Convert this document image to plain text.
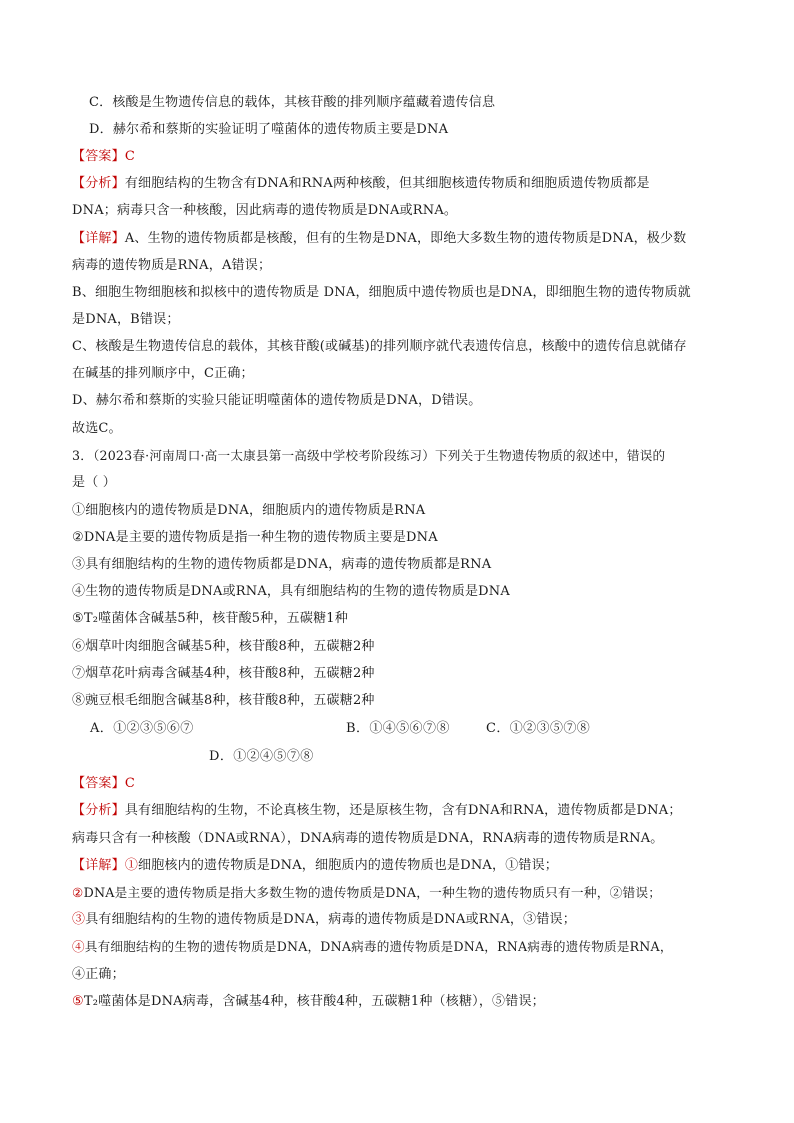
C．核酸是生物遗传信息的载体，其核苷酸的排列顺序蕴藏着遗传信息
D．赫尔希和蔡斯的实验证明了噬菌体的遗传物质主要是DNA
【答案】C
【分析】有细胞结构的生物含有DNA和RNA两种核酸，但其细胞核遗传物质和细胞质遗传物质都是
DNA；病毒只含一种核酸，因此病毒的遗传物质是DNA或RNA。
【详解】A、生物的遗传物质都是核酸，但有的生物是DNA，即绝大多数生物的遗传物质是DNA，极少数
病毒的遗传物质是RNA，A错误；
B、细胞生物细胞核和拟核中的遗传物质是 DNA，细胞质中遗传物质也是DNA，即细胞生物的遗传物质就
是DNA，B错误；
C、核酸是生物遗传信息的载体，其核苷酸(或碱基)的排列顺序就代表遗传信息，核酸中的遗传信息就储存
在碱基的排列顺序中，C正确；
D、赫尔希和蔡斯的实验只能证明噬菌体的遗传物质是DNA，D错误。
故选C。
3．（2023春·河南周口·高一太康县第一高级中学校考阶段练习）下列关于生物遗传物质的叙述中，错误的
是（ ）
①细胞核内的遗传物质是DNA，细胞质内的遗传物质是RNA
②DNA是主要的遗传物质是指一种生物的遗传物质主要是DNA
③具有细胞结构的生物的遗传物质都是DNA，病毒的遗传物质都是RNA
④生物的遗传物质是DNA或RNA，具有细胞结构的生物的遗传物质是DNA
⑤T₂噬菌体含碱基5种，核苷酸5种，五碳糖1种
⑥烟草叶肉细胞含碱基5种，核苷酸8种，五碳糖2种
⑦烟草花叶病毒含碱基4种，核苷酸8种，五碳糖2种
⑧豌豆根毛细胞含碱基8种，核苷酸8种，五碳糖2种
A．①②③⑤⑥⑦	B．①④⑤⑥⑦⑧	C．①②③⑤⑦⑧
D．①②④⑤⑦⑧
【答案】C
【分析】具有细胞结构的生物，不论真核生物，还是原核生物，含有DNA和RNA，遗传物质都是DNA；
病毒只含有一种核酸（DNA或RNA），DNA病毒的遗传物质是DNA，RNA病毒的遗传物质是RNA。
【详解】①细胞核内的遗传物质是DNA，细胞质内的遗传物质也是DNA，①错误；
②DNA是主要的遗传物质是指大多数生物的遗传物质是DNA，一种生物的遗传物质只有一种，②错误；
③具有细胞结构的生物的遗传物质是DNA，病毒的遗传物质是DNA或RNA，③错误；
④具有细胞结构的生物的遗传物质是DNA，DNA病毒的遗传物质是DNA，RNA病毒的遗传物质是RNA，
④正确；
⑤T₂噬菌体是DNA病毒，含碱基4种，核苷酸4种，五碳糖1种（核糖），⑤错误；
